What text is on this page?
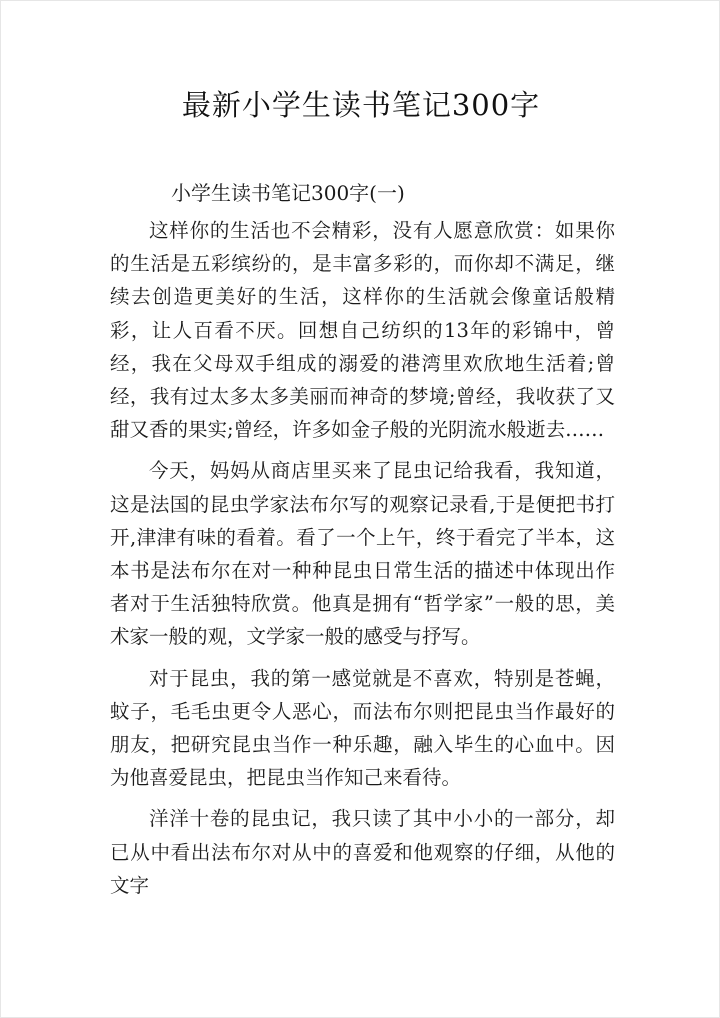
最新小学生读书笔记300字
小学生读书笔记300字(一)

这样你的生活也不会精彩，没有人愿意欣赏：如果你的生活是五彩缤纷的，是丰富多彩的，而你却不满足，继续去创造更美好的生活，这样你的生活就会像童话般精彩，让人百看不厌。回想自己纺织的13年的彩锦中，曾经，我在父母双手组成的溺爱的港湾里欢欣地生活着;曾经，我有过太多太多美丽而神奇的梦境;曾经，我收获了又甜又香的果实;曾经，许多如金子般的光阴流水般逝去……

今天，妈妈从商店里买来了昆虫记给我看，我知道，这是法国的昆虫学家法布尔写的观察记录看,于是便把书打开,津津有味的看着。看了一个上午，终于看完了半本，这本书是法布尔在对一种种昆虫日常生活的描述中体现出作者对于生活独特欣赏。他真是拥有“哲学家”一般的思，美术家一般的观，文学家一般的感受与抒写。

对于昆虫，我的第一感觉就是不喜欢，特别是苍蝇，蚊子，毛毛虫更令人恶心，而法布尔则把昆虫当作最好的朋友，把研究昆虫当作一种乐趣，融入毕生的心血中。因为他喜爱昆虫，把昆虫当作知己来看待。

洋洋十卷的昆虫记，我只读了其中小小的一部分，却已从中看出法布尔对从中的喜爱和他观察的仔细，从他的文字
